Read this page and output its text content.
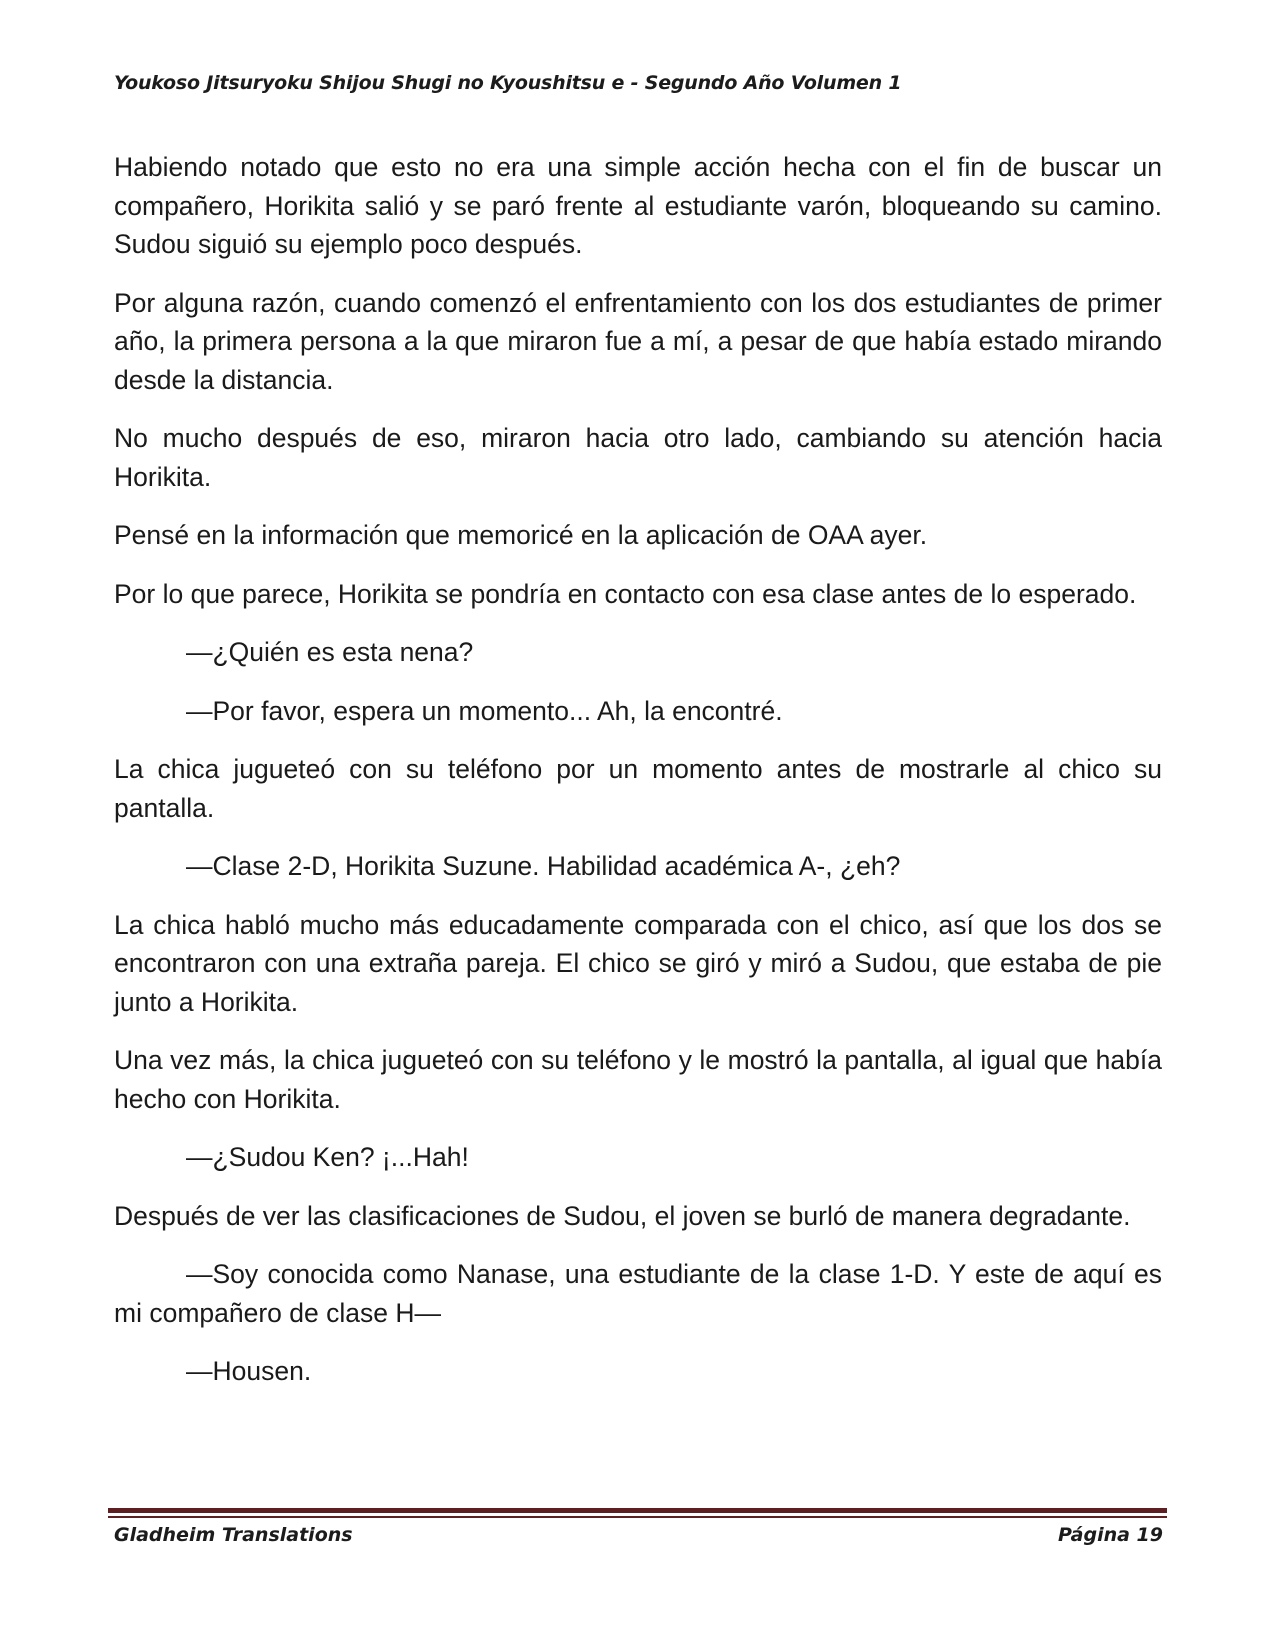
Youkoso Jitsuryoku Shijou Shugi no Kyoushitsu e - Segundo Año Volumen 1

Habiendo notado que esto no era una simple acción hecha con el fin de buscar un compañero, Horikita salió y se paró frente al estudiante varón, bloqueando su camino. Sudou siguió su ejemplo poco después.

Por alguna razón, cuando comenzó el enfrentamiento con los dos estudiantes de primer año, la primera persona a la que miraron fue a mí, a pesar de que había estado mirando desde la distancia.

No mucho después de eso, miraron hacia otro lado, cambiando su atención hacia Horikita.

Pensé en la información que memoricé en la aplicación de OAA ayer.

Por lo que parece, Horikita se pondría en contacto con esa clase antes de lo esperado.

—¿Quién es esta nena?

—Por favor, espera un momento... Ah, la encontré.

La chica jugueteó con su teléfono por un momento antes de mostrarle al chico su pantalla.

—Clase 2-D, Horikita Suzune. Habilidad académica A-, ¿eh?

La chica habló mucho más educadamente comparada con el chico, así que los dos se encontraron con una extraña pareja. El chico se giró y miró a Sudou, que estaba de pie junto a Horikita.

Una vez más, la chica jugueteó con su teléfono y le mostró la pantalla, al igual que había hecho con Horikita.

—¿Sudou Ken? ¡...Hah!

Después de ver las clasificaciones de Sudou, el joven se burló de manera degradante.

—Soy conocida como Nanase, una estudiante de la clase 1-D. Y este de aquí es mi compañero de clase H—

—Housen.

Gladheim Translations	Página 19
